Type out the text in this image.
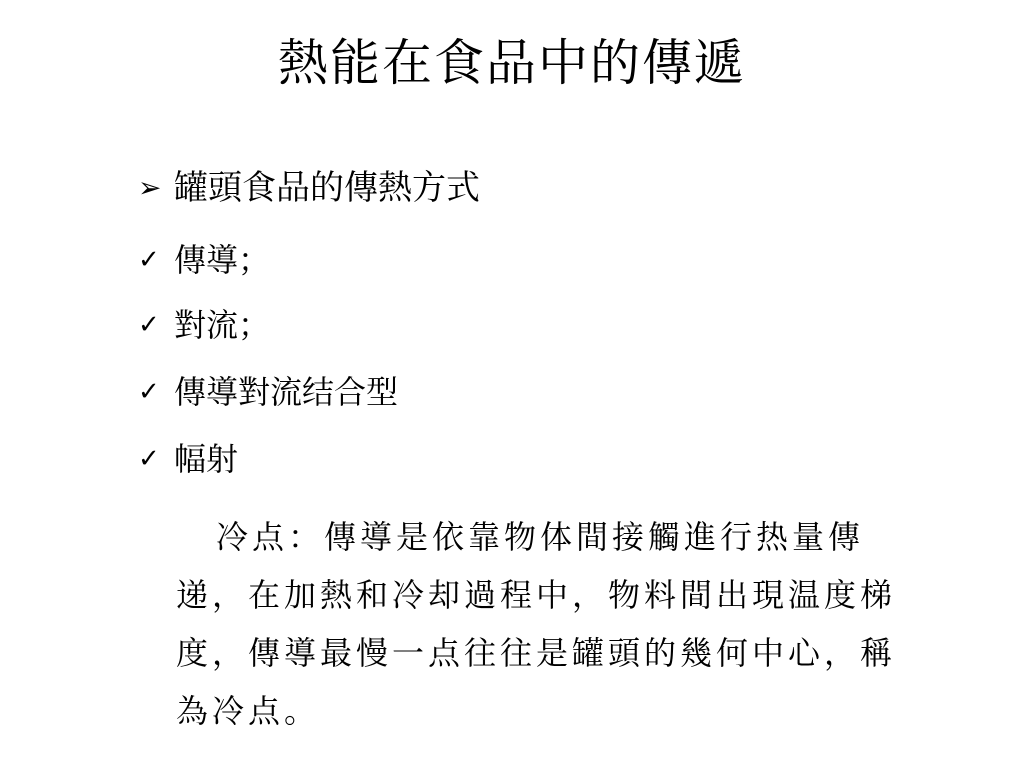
熱能在食品中的傳遞
➢ 罐頭食品的傳熱方式
✓ 傳導；
✓ 對流；
✓ 傳導對流结合型
✓ 幅射

冷点：傳導是依靠物体間接觸進行热量傳递，在加熱和冷却過程中，物料間出現温度梯度，傳導最慢一点往往是罐頭的幾何中心，稱為冷点。
